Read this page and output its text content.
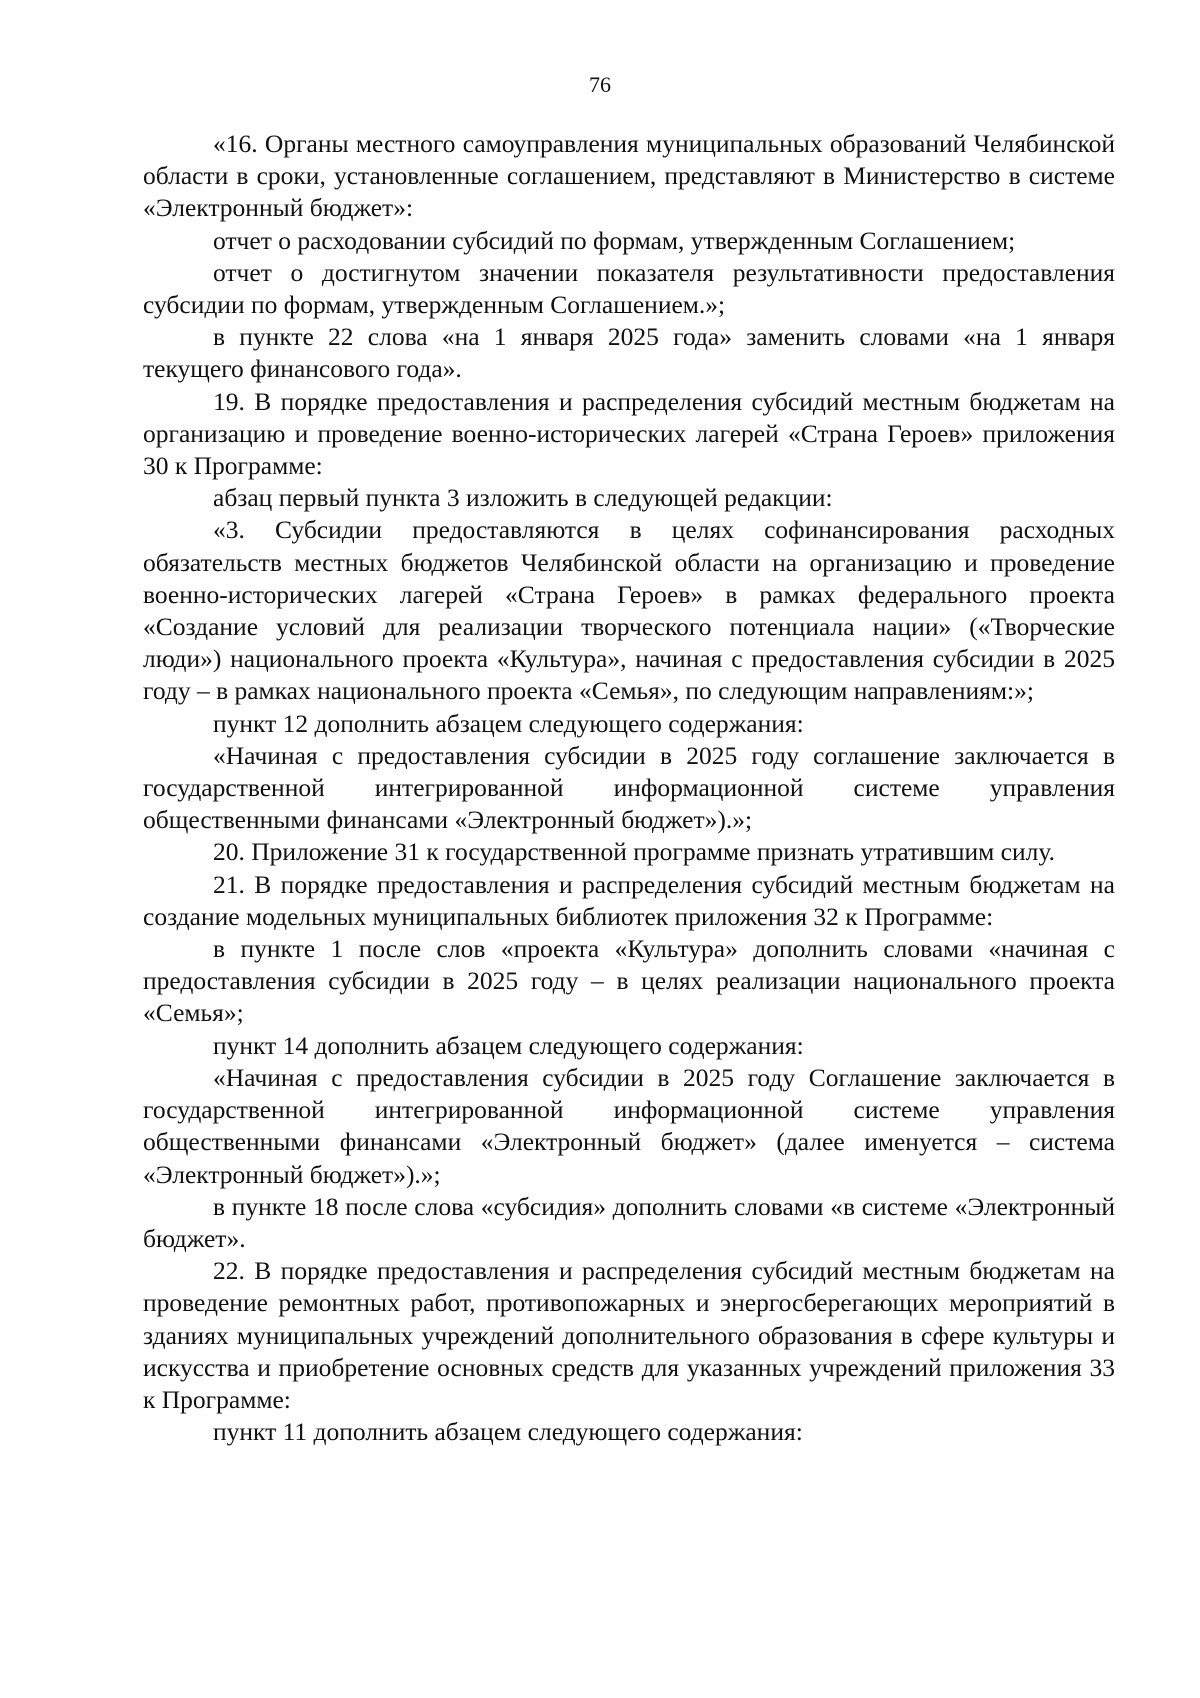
76

«16. Органы местного самоуправления муниципальных образований Челябинской области в сроки, установленные соглашением, представляют в Министерство в системе «Электронный бюджет»:

отчет о расходовании субсидий по формам, утвержденным Соглашением;

отчет о достигнутом значении показателя результативности предоставления субсидии по формам, утвержденным Соглашением.»;

в пункте 22 слова «на 1 января 2025 года» заменить словами «на 1 января текущего финансового года».

19. В порядке предоставления и распределения субсидий местным бюджетам на организацию и проведение военно-исторических лагерей «Страна Героев» приложения 30 к Программе:

абзац первый пункта 3 изложить в следующей редакции:

«3. Субсидии предоставляются в целях софинансирования расходных обязательств местных бюджетов Челябинской области на организацию и проведение военно-исторических лагерей «Страна Героев» в рамках федерального проекта «Создание условий для реализации творческого потенциала нации» («Творческие люди») национального проекта «Культура», начиная с предоставления субсидии в 2025 году – в рамках национального проекта «Семья», по следующим направлениям:»;

пункт 12 дополнить абзацем следующего содержания:

«Начиная с предоставления субсидии в 2025 году соглашение заключается в государственной интегрированной информационной системе управления общественными финансами «Электронный бюджет»).»;

20. Приложение 31 к государственной программе признать утратившим силу.

21. В порядке предоставления и распределения субсидий местным бюджетам на создание модельных муниципальных библиотек приложения 32 к Программе:

в пункте 1 после слов «проекта «Культура» дополнить словами «начиная с предоставления субсидии в 2025 году – в целях реализации национального проекта «Семья»;

пункт 14 дополнить абзацем следующего содержания:

«Начиная с предоставления субсидии в 2025 году Соглашение заключается в государственной интегрированной информационной системе управления общественными финансами «Электронный бюджет» (далее именуется – система «Электронный бюджет»).»;

в пункте 18 после слова «субсидия» дополнить словами «в системе «Электронный бюджет».

22. В порядке предоставления и распределения субсидий местным бюджетам на проведение ремонтных работ, противопожарных и энергосберегающих мероприятий в зданиях муниципальных учреждений дополнительного образования в сфере культуры и искусства и приобретение основных средств для указанных учреждений приложения 33 к Программе:

пункт 11 дополнить абзацем следующего содержания:
